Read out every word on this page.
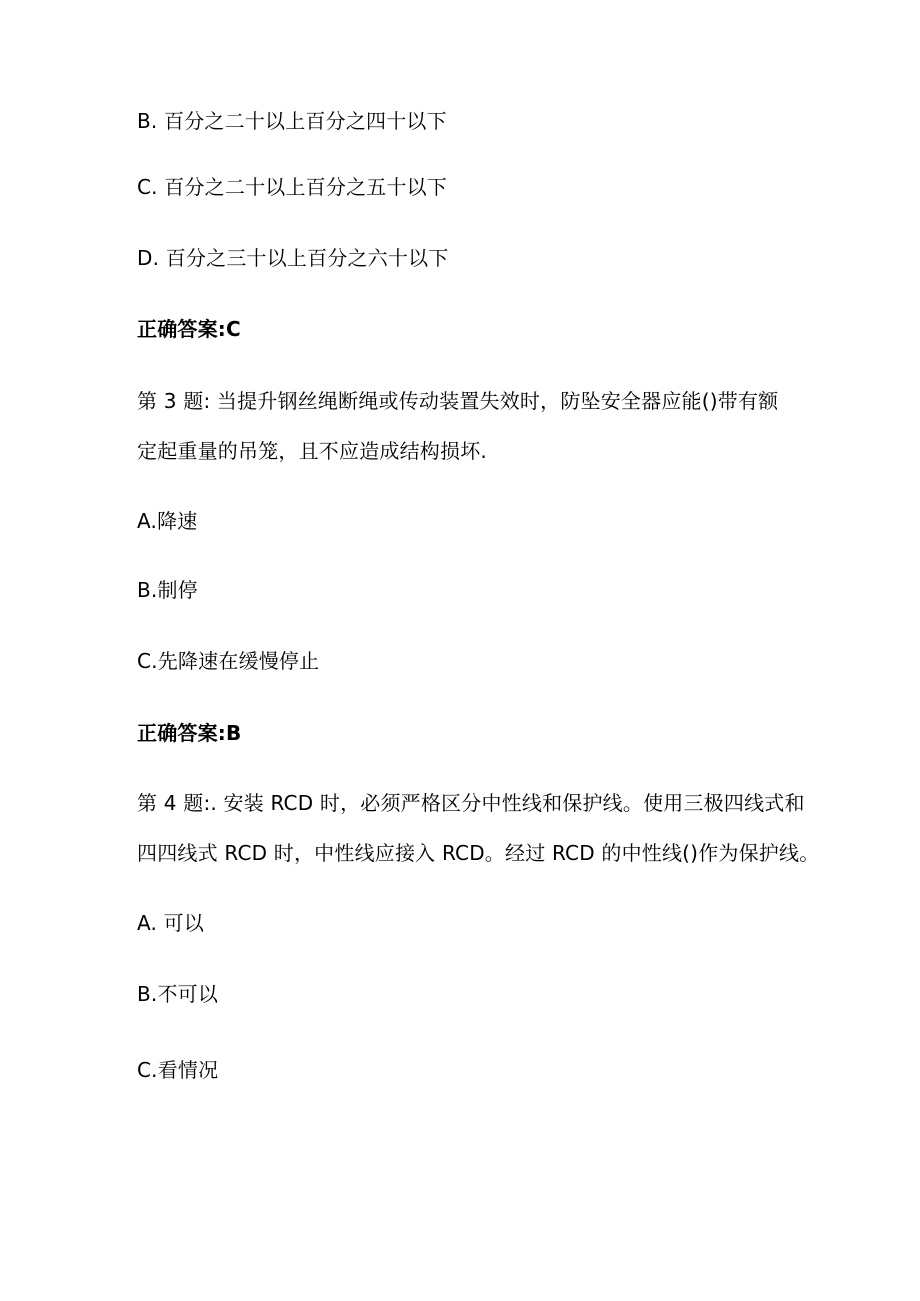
B. 百分之二十以上百分之四十以下
C. 百分之二十以上百分之五十以下
D. 百分之三十以上百分之六十以下
正确答案:C
第 3 题: 当提升钢丝绳断绳或传动装置失效时，防坠安全器应能()带有额
定起重量的吊笼，且不应造成结构损坏.
A.降速
B.制停
C.先降速在缓慢停止
正确答案:B
第 4 题:. 安装 RCD 时，必须严格区分中性线和保护线。使用三极四线式和
四四线式 RCD 时，中性线应接入 RCD。经过 RCD 的中性线()作为保护线。
A. 可以
B.不可以
C.看情况
